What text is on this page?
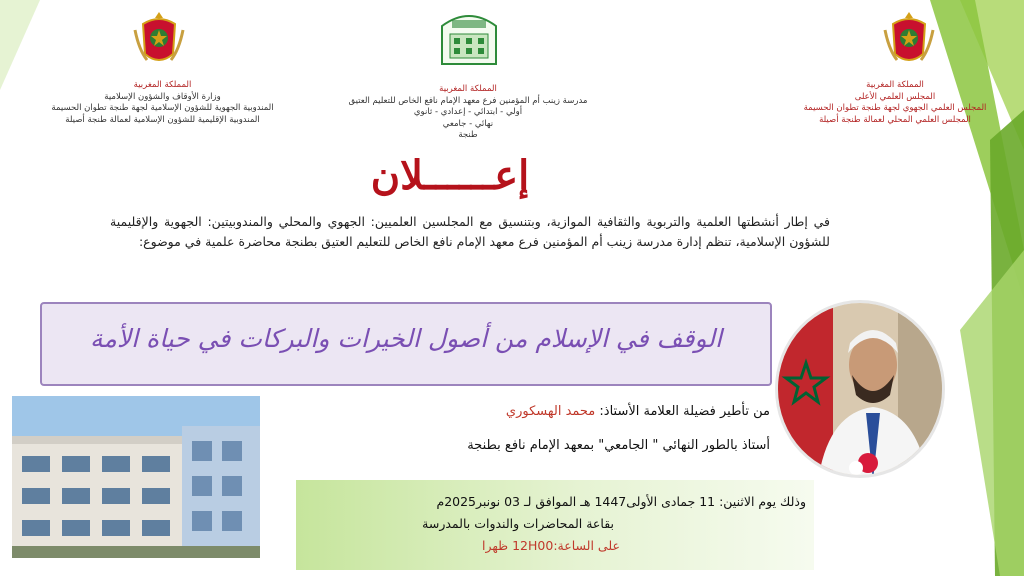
المملكة المغربية
وزارة الأوقاف والشؤون الإسلامية
المندوبية الجهوية للشؤون الإسلامية لجهة طنجة تطوان الحسيمة
المندوبية الإقليمية للشؤون الإسلامية لعمالة طنجة أصيلة
المملكة المغربية
مدرسة زينب أم المؤمنين فرع معهد الإمام نافع الخاص للتعليم العتيق
أولي - ابتدائي - إعدادي - ثانوي
نهائي - جامعي
طنجة
المملكة المغربية
المجلس العلمي الأعلى
المجلس العلمي الجهوي لجهة طنجة تطوان الحسيمة
المجلس العلمي المحلي لعمالة طنجة أصيلة
إعــــــلان
في إطار أنشطتها العلمية والتربوية والثقافية الموازية، وبتنسيق مع المجلسين العلميين: الجهوي والمحلي والمندوبيتين: الجهوية والإقليمية للشؤون الإسلامية، تنظم إدارة مدرسة زينب أم المؤمنين فرع معهد الإمام نافع الخاص للتعليم العتيق بطنجة محاضرة علمية في موضوع:
الوقف في الإسلام من أصول الخيرات والبركات في حياة الأمة
من تأطير فضيلة العلامة الأستاذ: محمد الهسكوري
أستاذ بالطور النهائي " الجامعي" بمعهد الإمام نافع بطنجة
وذلك يوم الاثنين: 11 جمادى الأولى1447 هـ الموافق لـ 03 نونبر2025م
بقاعة المحاضرات والندوات بالمدرسة
على الساعة:12H00 ظهرا
